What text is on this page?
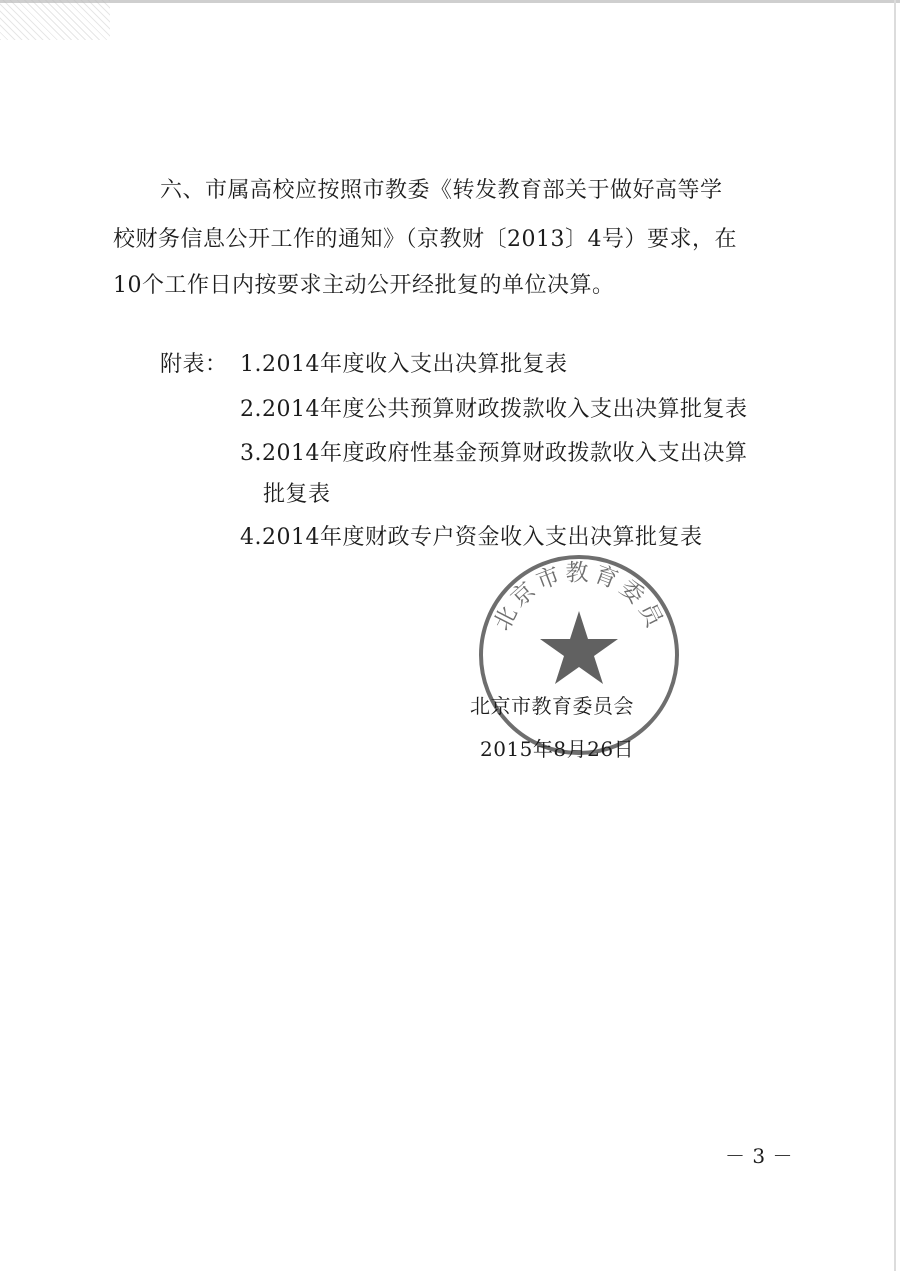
六、市属高校应按照市教委《转发教育部关于做好高等学
校财务信息公开工作的通知》（京教财〔2013〕4号）要求，在
10个工作日内按要求主动公开经批复的单位决算。
附表： 1.2014年度收入支出决算批复表
2.2014年度公共预算财政拨款收入支出决算批复表
3.2014年度政府性基金预算财政拨款收入支出决算
批复表
4.2014年度财政专户资金收入支出决算批复表
北京市教育委员
北京市教育委员会
2015年8月26日
－ 3 －
